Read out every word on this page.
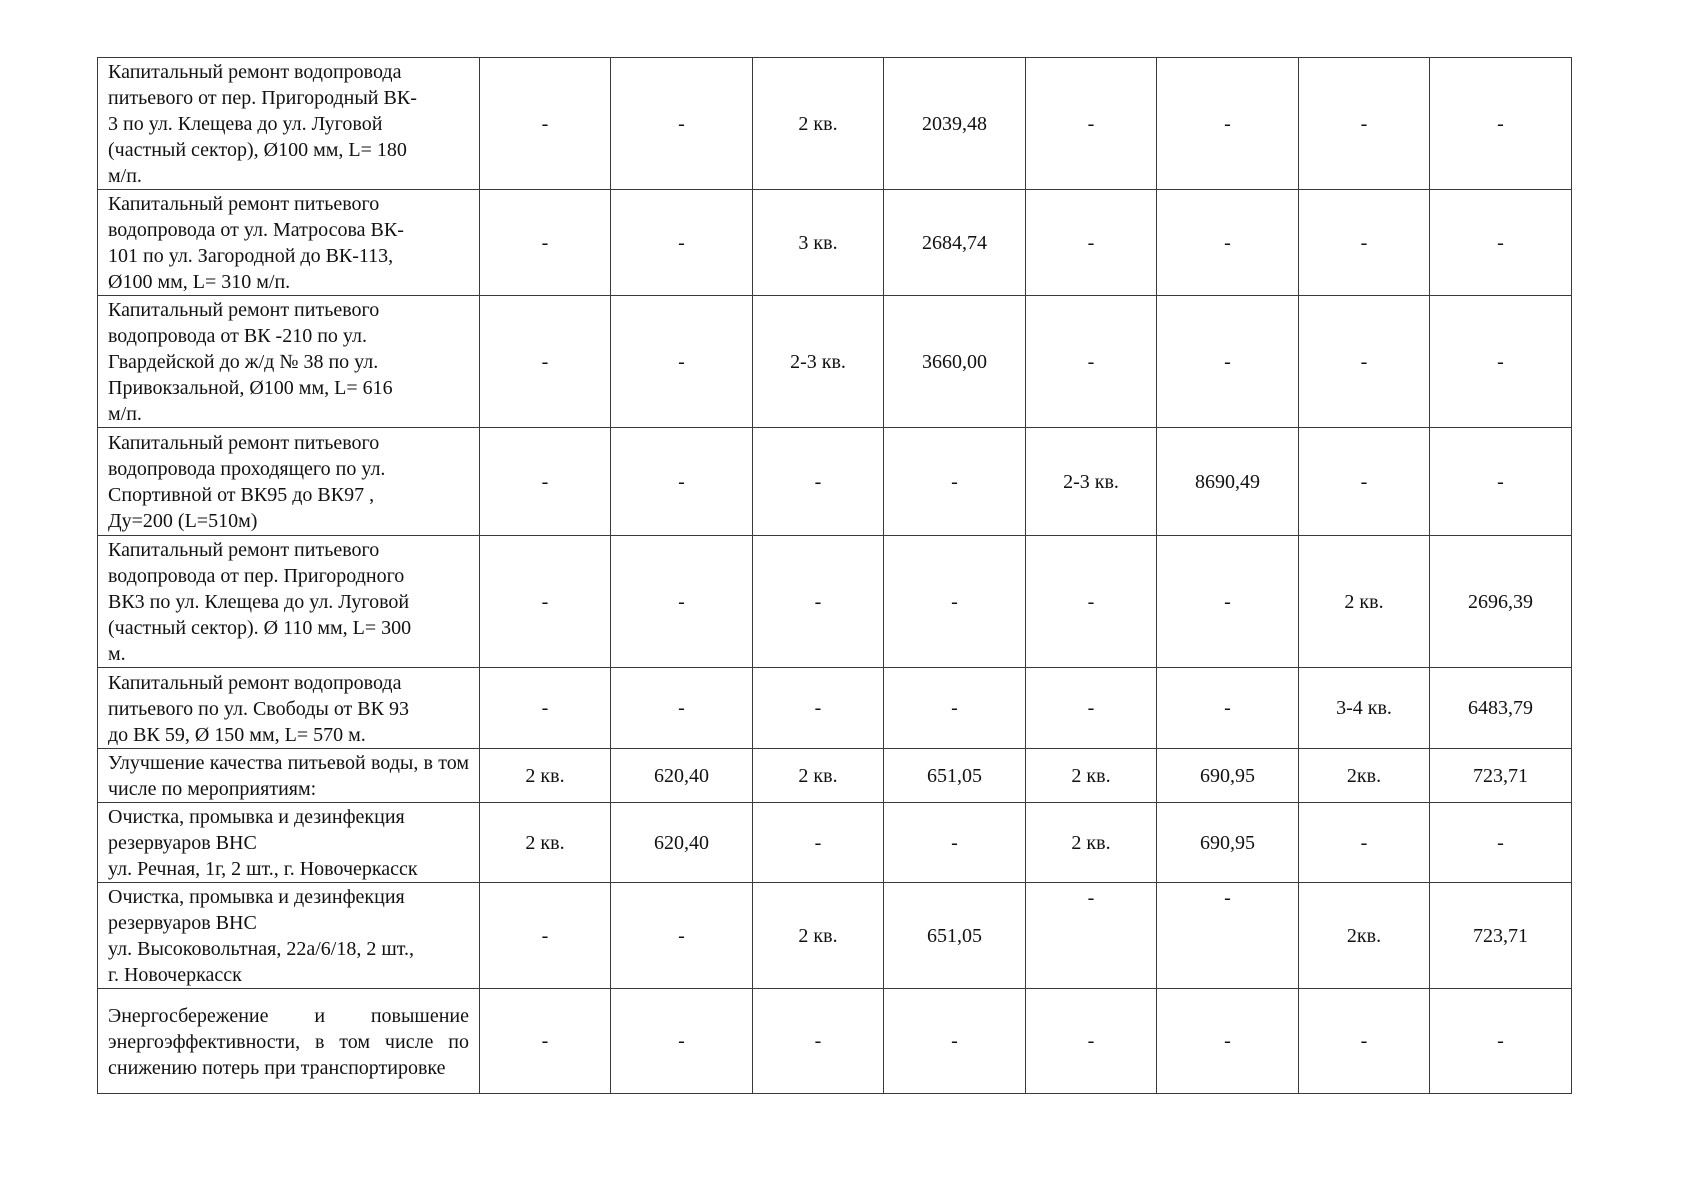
Капитальный ремонт водопровода
питьевого от пер. Пригородный ВК-
3 по ул. Клещева до ул. Луговой
(частный сектор), Ø100 мм, L= 180
м/п.	-	-	2 кв.	2039,48	-	-	-	-
Капитальный ремонт питьевого
водопровода от ул. Матросова ВК-
101 по ул. Загородной до ВК-113,
Ø100 мм, L= 310 м/п.	-	-	3 кв.	2684,74	-	-	-	-
Капитальный ремонт питьевого
водопровода от ВК -210 по ул.
Гвардейской до ж/д № 38 по ул.
Привокзальной, Ø100 мм, L= 616
м/п.	-	-	2-3 кв.	3660,00	-	-	-	-
Капитальный ремонт питьевого
водопровода проходящего по ул.
Спортивной от ВК95 до ВК97 ,
Ду=200 (L=510м)	-	-	-	-	2-3 кв.	8690,49	-	-
Капитальный ремонт питьевого
водопровода от пер. Пригородного
ВК3 по ул. Клещева до ул. Луговой
(частный сектор). Ø 110 мм, L= 300
м.	-	-	-	-	-	-	2 кв.	2696,39
Капитальный ремонт водопровода
питьевого по ул. Свободы от ВК 93
до ВК 59, Ø 150 мм, L= 570 м.	-	-	-	-	-	-	3-4 кв.	6483,79
Улучшение качества питьевой воды, в том числе по мероприятиям:	2 кв.	620,40	2 кв.	651,05	2 кв.	690,95	2кв.	723,71
Очистка, промывка и дезинфекция
резервуаров ВНС
ул. Речная, 1г, 2 шт., г. Новочеркасск	2 кв.	620,40	-	-	2 кв.	690,95	-	-
Очистка, промывка и дезинфекция
резервуаров ВНС
ул. Высоковольтная, 22а/6/18, 2 шт.,
г. Новочеркасск	-	-	2 кв.	651,05	-	-	2кв.	723,71
Энергосбережение и повышение энергоэффективности, в том числе по снижению потерь при транспортировке	-	-	-	-	-	-	-	-
